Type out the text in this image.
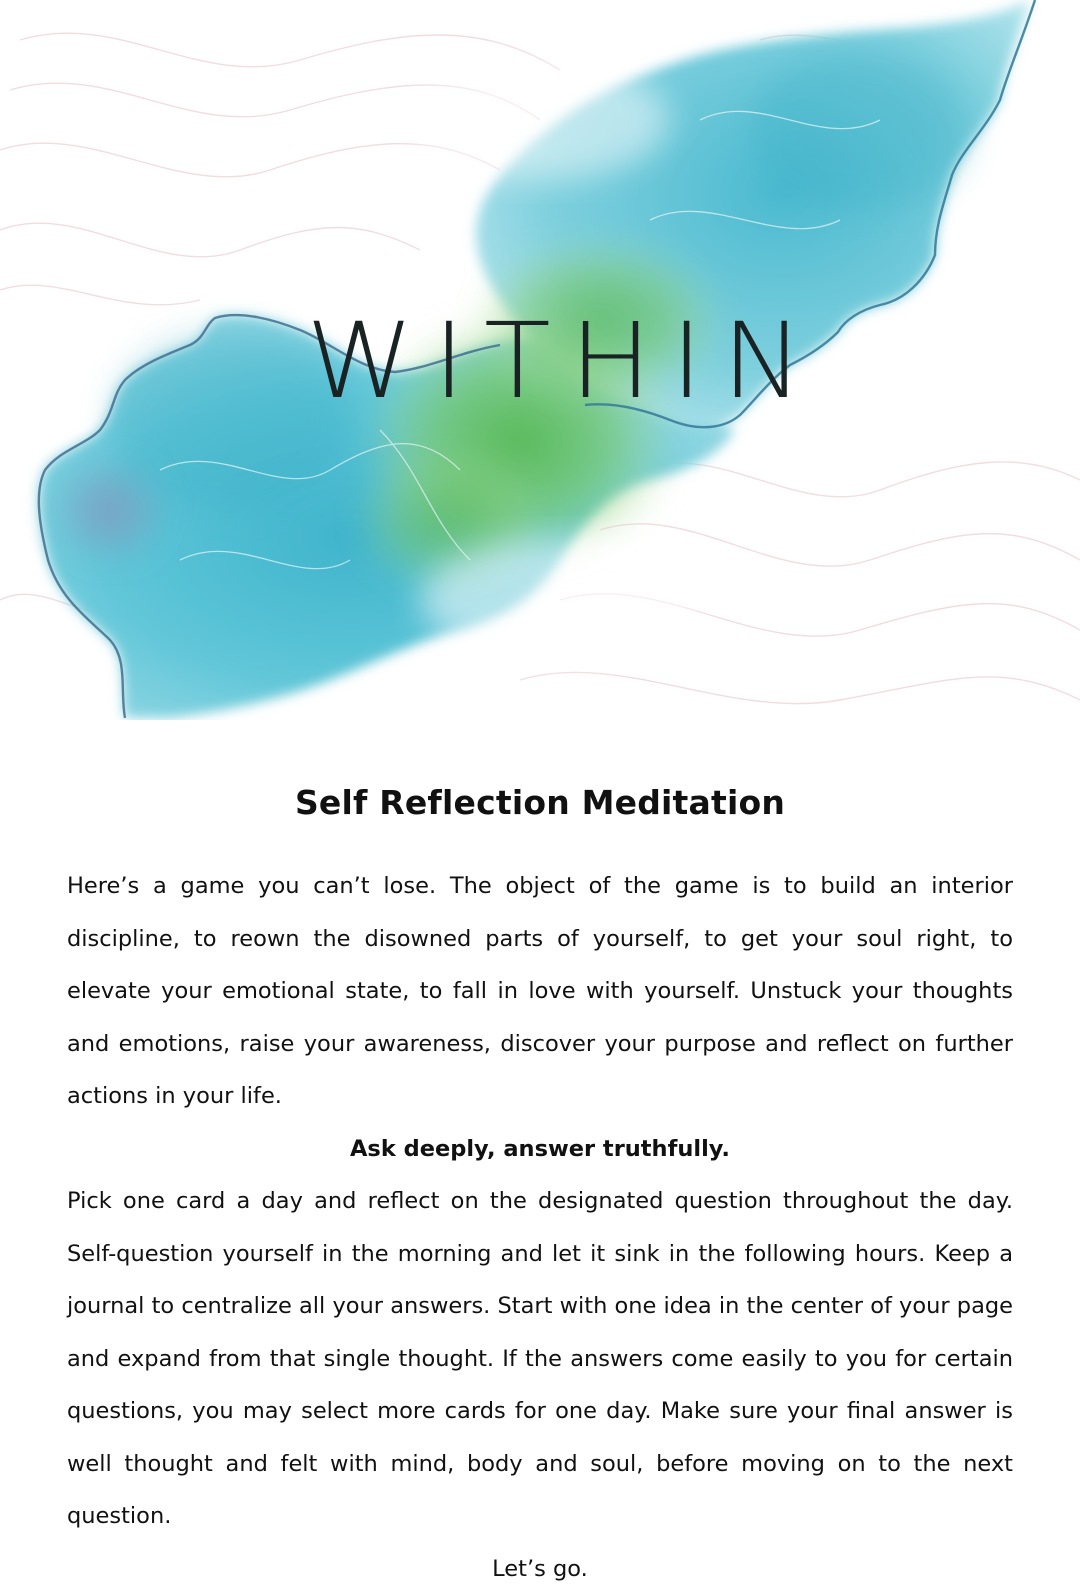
WITHIN
Self Reflection Meditation

Here’s a game you can’t lose. The object of the game is to build an interior discipline, to reown the disowned parts of yourself, to get your soul right, to elevate your emotional state, to fall in love with yourself. Unstuck your thoughts and emotions, raise your awareness, discover your purpose and reflect on further actions in your life.

Ask deeply, answer truthfully.

Pick one card a day and reflect on the designated question throughout the day. Self-question yourself in the morning and let it sink in the following hours. Keep a journal to centralize all your answers. Start with one idea in the center of your page and expand from that single thought. If the answers come easily to you for certain questions, you may select more cards for one day. Make sure your final answer is well thought and felt with mind, body and soul, before moving on to the next question.

Let’s go.
